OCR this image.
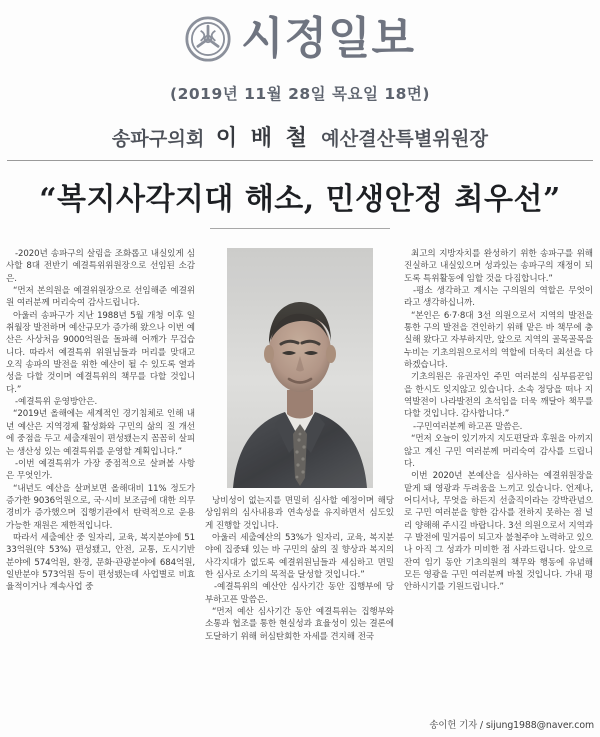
시정일보
(2019년 11월 28일 목요일 18면)
송파구의회 이 배 철 예산결산특별위원장
“복지사각지대 해소, 민생안정 최우선”

-2020년 송파구의 살림을 조화롭고 내실있게 심사할 8대 전반기 예결특위위원장으로 선임된 소감은.

“먼저 본의원을 예결위원장으로 선임해준 예결위원 여러분께 머리숙여 감사드립니다.

아울러 송파구가 지난 1988년 5월 개청 이후 일취월장 발전하며 예산규모가 증가해 왔으나 이번 예산은 사상처음 9000억원을 돌파해 어깨가 무겁습니다. 따라서 예결특위 위원님들과 머리를 맞대고 오직 송파의 발전을 위한 예산이 될 수 있도록 열과 성을 다할 것이며 예결특위의 책무를 다할 것입니다.”

-예결특위 운영방안은.

“2019년 올해에는 세계적인 경기침체로 인해 내년 예산은 지역경제 활성화와 구민의 삶의 질 개선에 중점을 두고 세출재원이 편성됐는지 꼼꼼히 살피는 생산성 있는 예결특위를 운영할 계획입니다.”

-이번 예결특위가 가장 중점적으로 살펴볼 사항은 무엇인가.

“내년도 예산을 살펴보면 올해대비 11% 정도가 증가한 9036억원으로, 국·시비 보조금에 대한 의무경비가 증가했으며 집행기관에서 탄력적으로 운용가능한 재원은 제한적입니다.

따라서 세출예산 중 일자리, 교육, 복지분야에 5133억원(약 53%) 편성됐고, 안전, 교통, 도시기반 분야에 574억원, 환경, 문화·관광분야에 684억원, 일반분야 573억원 등이 편성됐는데 사업별로 비효율적이거나 계속사업 중

낭비성이 없는지를 면밀히 심사할 예정이며 해당 상임위의 심사내용과 연속성을 유지하면서 심도있게 진행할 것입니다.

아울러 세출예산의 53%가 일자리, 교육, 복지분야에 집중돼 있는 바 구민의 삶의 질 향상과 복지의 사각지대가 없도록 예결위원님들과 세심하고 면밀한 심사로 소기의 목적을 달성할 것입니다.”

-예결특위의 예산안 심사기간 동안 집행부에 당부하고픈 말씀은.

“먼저 예산 심사기간 동안 예결특위는 집행부와 소통과 협조를 통한 현실성과 효율성이 있는 결론에 도달하기 위해 허심탄회한 자세를 견지해 전국

최고의 지방자치를 완성하기 위한 송파구를 위해 진실하고 내실있으며 성과있는 송파구의 재정이 되도록 특위활동에 임할 것을 다짐합니다.”

-평소 생각하고 계시는 구의원의 역할은 무엇이라고 생각하십니까.

“본인은 6·7·8대 3선 의원으로서 지역의 발전을 통한 구의 발전을 견인하기 위해 맡은 바 책무에 충실해 왔다고 자부하지만, 앞으로 지역의 골목골목을 누비는 기초의원으로서의 역할에 더욱더 최선을 다하겠습니다.

기초의원은 유권자인 주민 여러분의 심부름꾼임을 한시도 잊지않고 있습니다. 소속 정당을 떠나 지역발전이 나라발전의 초석임을 더욱 깨달아 책무를 다할 것입니다. 감사합니다.”

-구민여러분께 하고픈 말씀은.

“먼저 오늘이 있기까지 지도편달과 후원을 아끼지 않고 계신 구민 여러분께 머리숙여 감사를 드립니다.

이번 2020년 본예산을 심사하는 예결위원장을 맡게 돼 영광과 두려움을 느끼고 있습니다. 언제나, 어디서나, 무엇을 하든지 선출직이라는 강박관념으로 구민 여러분을 향한 감사를 전하지 못하는 점 널리 양해해 주시길 바랍니다. 3선 의원으로서 지역과 구 발전에 밀거름이 되고자 불철주야 노력하고 있으나 아직 그 성과가 미비한 점 사과드립니다. 앞으로 잔여 임기 동안 기초의원의 책무와 행동에 유념해 모든 영광을 구민 여러분께 바칠 것입니다. 가내 평안하시기를 기원드립니다.”

송이헌 기자 / sijung1988@naver.com
